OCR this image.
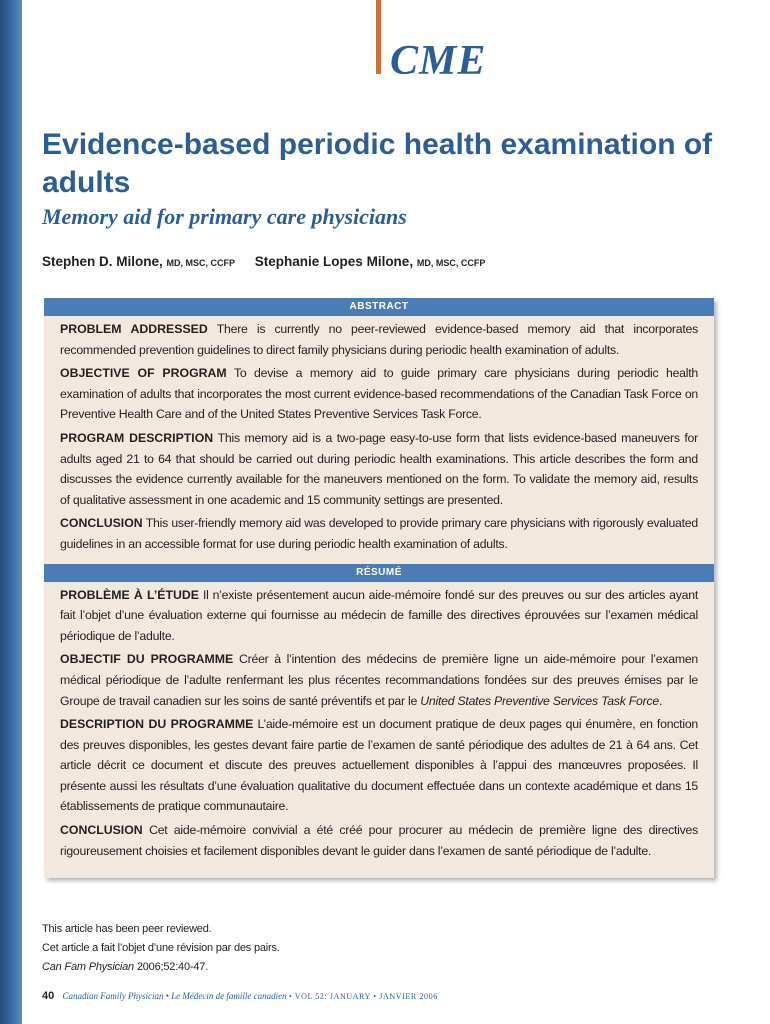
CME
Evidence-based periodic health examination of adults
Memory aid for primary care physicians
Stephen D. Milone, MD, MSC, CCFP Stephanie Lopes Milone, MD, MSC, CCFP
ABSTRACT

PROBLEM ADDRESSED There is currently no peer-reviewed evidence-based memory aid that incorporates recommended prevention guidelines to direct family physicians during periodic health examination of adults.

OBJECTIVE OF PROGRAM To devise a memory aid to guide primary care physicians during periodic health examination of adults that incorporates the most current evidence-based recommendations of the Canadian Task Force on Preventive Health Care and of the United States Preventive Services Task Force.

PROGRAM DESCRIPTION This memory aid is a two-page easy-to-use form that lists evidence-based maneuvers for adults aged 21 to 64 that should be carried out during periodic health examinations. This article describes the form and discusses the evidence currently available for the maneuvers mentioned on the form. To validate the memory aid, results of qualitative assessment in one academic and 15 community settings are presented.

CONCLUSION This user-friendly memory aid was developed to provide primary care physicians with rigorously evaluated guidelines in an accessible format for use during periodic health examination of adults.

RÉSUMÉ

PROBLÈME À L’ÉTUDE Il n’existe présentement aucun aide-mémoire fondé sur des preuves ou sur des articles ayant fait l’objet d’une évaluation externe qui fournisse au médecin de famille des directives éprouvées sur l’examen médical périodique de l’adulte.

OBJECTIF DU PROGRAMME Créer à l’intention des médecins de première ligne un aide-mémoire pour l’examen médical périodique de l’adulte renfermant les plus récentes recommandations fondées sur des preuves émises par le Groupe de travail canadien sur les soins de santé préventifs et par le United States Preventive Services Task Force.

DESCRIPTION DU PROGRAMME L’aide-mémoire est un document pratique de deux pages qui énumère, en fonction des preuves disponibles, les gestes devant faire partie de l’examen de santé périodique des adultes de 21 à 64 ans. Cet article décrit ce document et discute des preuves actuellement disponibles à l’appui des manœuvres proposées. Il présente aussi les résultats d’une évaluation qualitative du document effectuée dans un contexte académique et dans 15 établissements de pratique communautaire.

CONCLUSION Cet aide-mémoire convivial a été créé pour procurer au médecin de première ligne des directives rigoureusement choisies et facilement disponibles devant le guider dans l’examen de santé périodique de l’adulte.

This article has been peer reviewed.

Cet article a fait l’objet d’une révision par des pairs.

Can Fam Physician 2006;52:40-47.

40 Canadian Family Physician • Le Médecin de famille canadien • VOL 52: JANUARY • JANVIER 2006
